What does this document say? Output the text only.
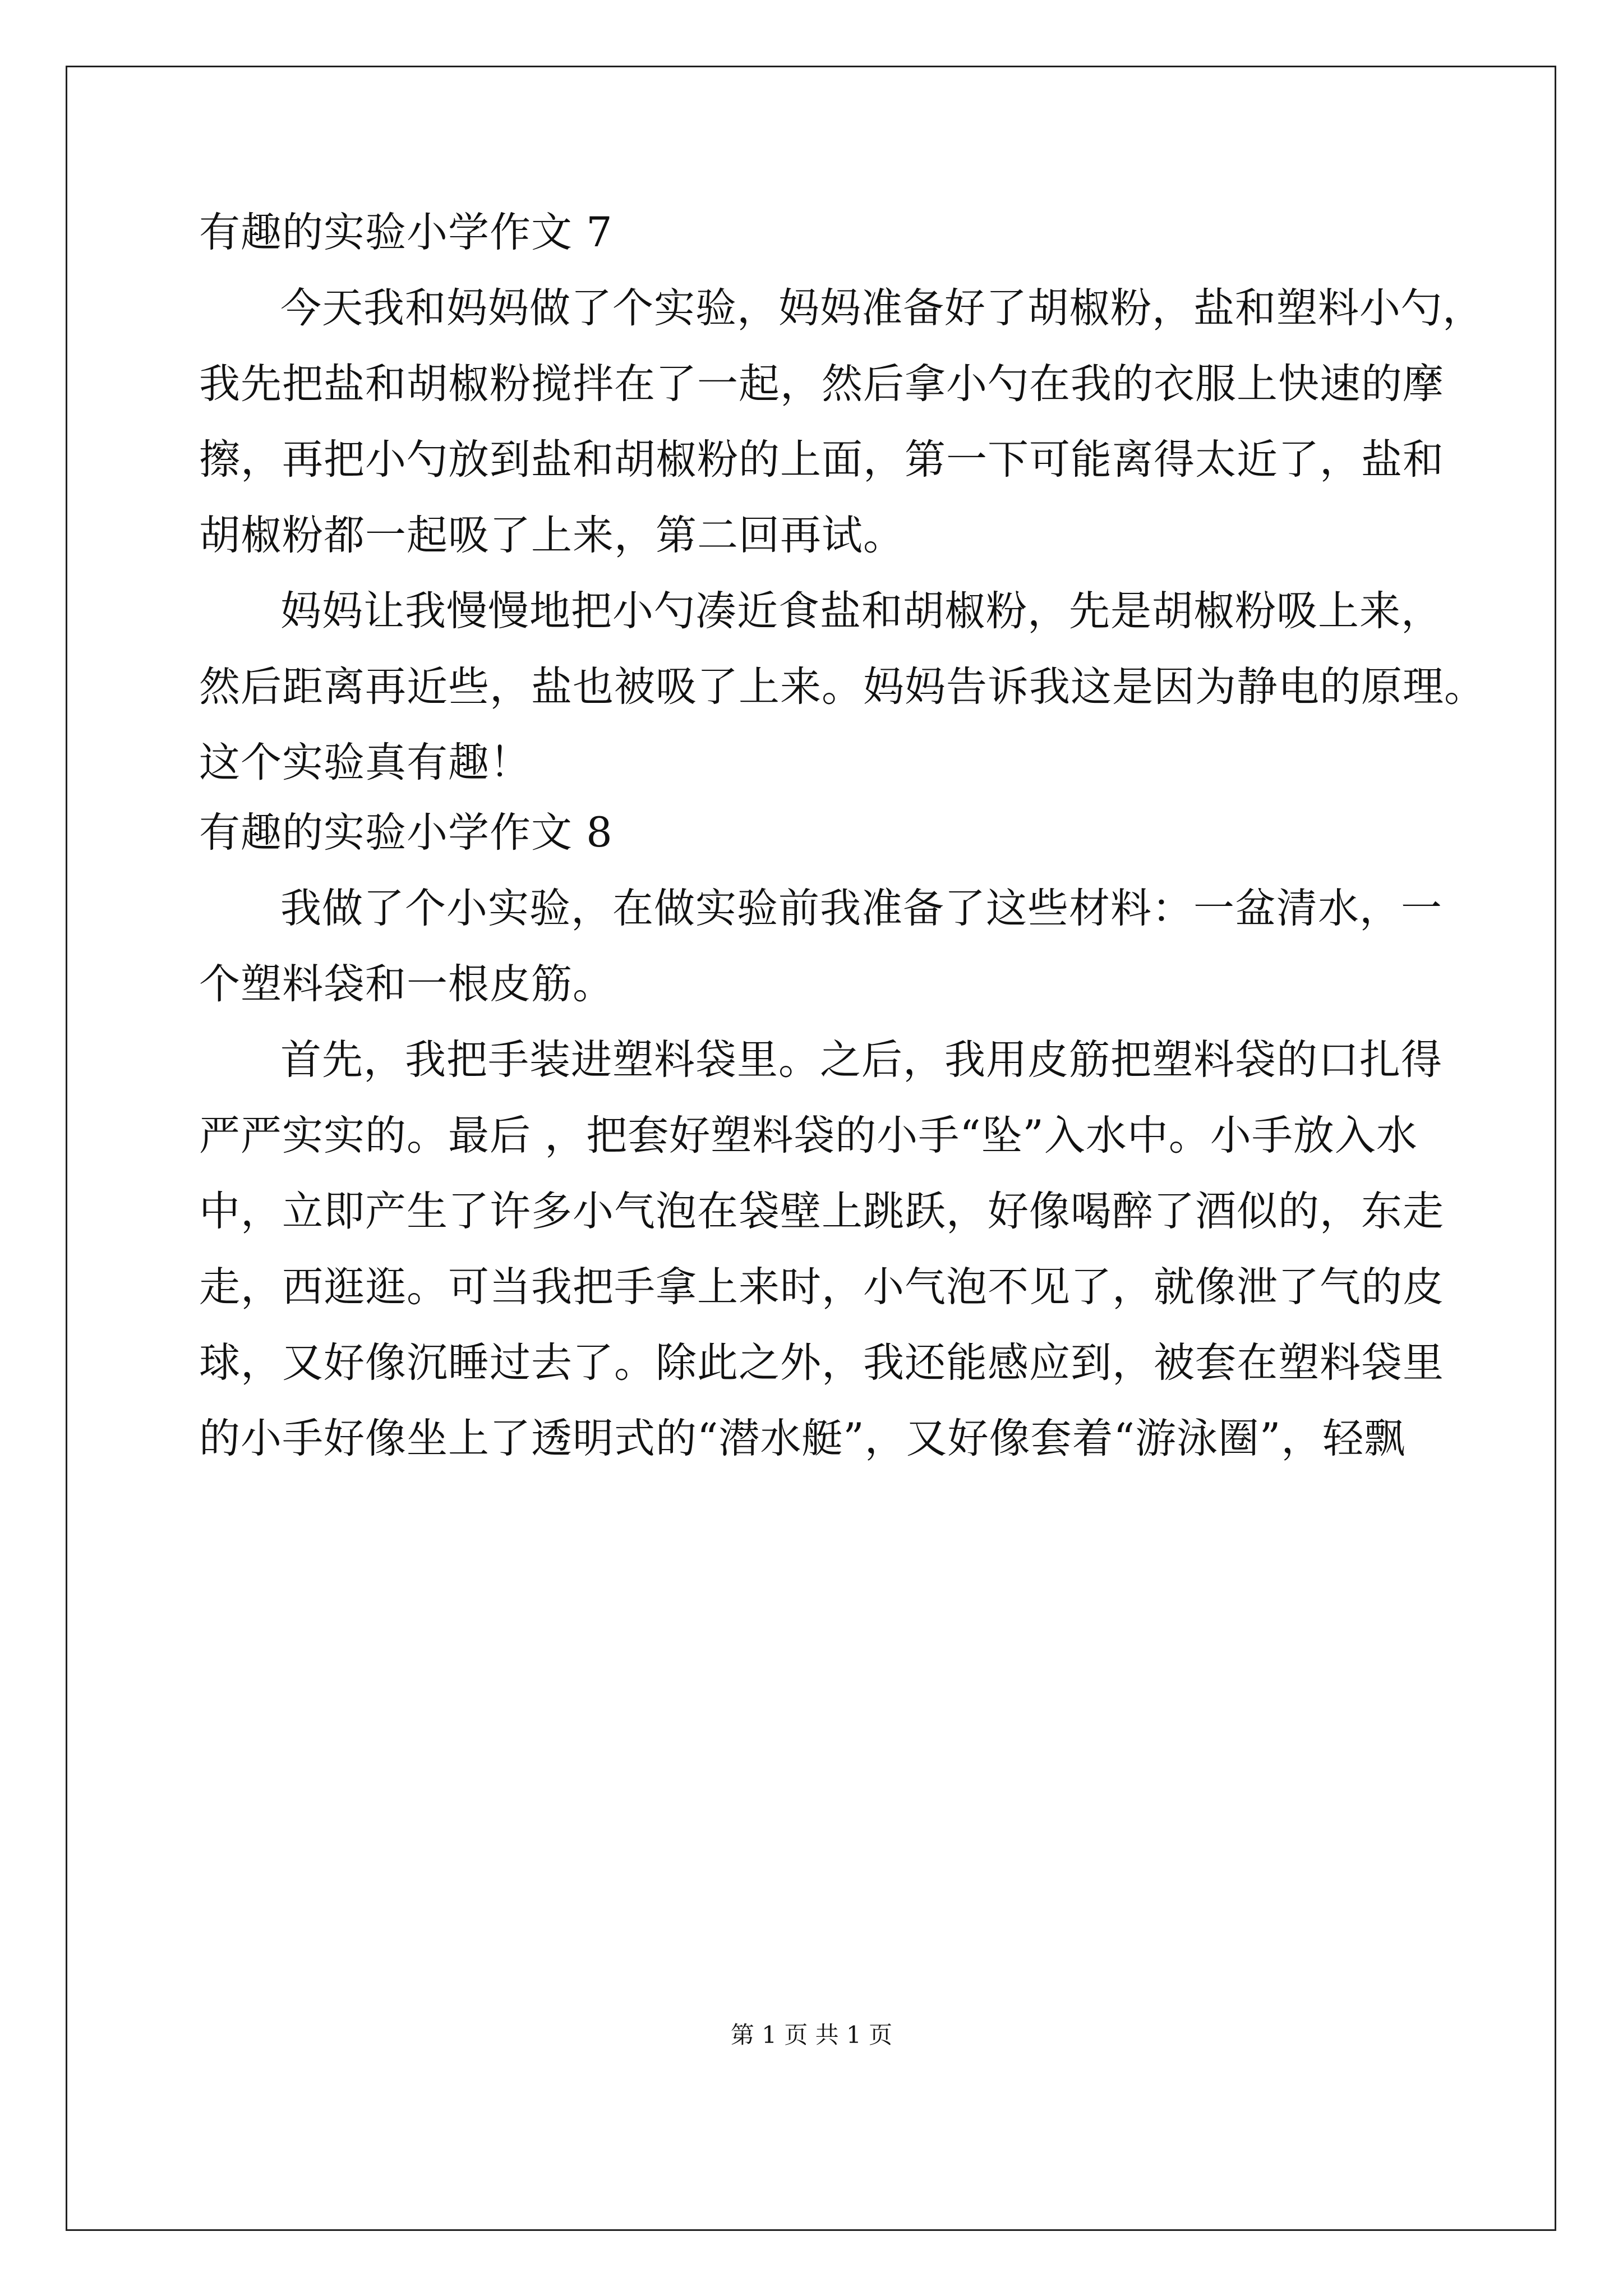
有趣的实验小学作文 7
今天我和妈妈做了个实验，妈妈准备好了胡椒粉，盐和塑料小勺，
我先把盐和胡椒粉搅拌在了一起，然后拿小勺在我的衣服上快速的摩
擦，再把小勺放到盐和胡椒粉的上面，第一下可能离得太近了，盐和
胡椒粉都一起吸了上来，第二回再试。
妈妈让我慢慢地把小勺凑近食盐和胡椒粉，先是胡椒粉吸上来，
然后距离再近些，盐也被吸了上来。妈妈告诉我这是因为静电的原理。
这个实验真有趣！
有趣的实验小学作文 8
我做了个小实验，在做实验前我准备了这些材料：一盆清水，一
个塑料袋和一根皮筋。
首先，我把手装进塑料袋里。之后，我用皮筋把塑料袋的口扎得
严严实实的。最后 ，把套好塑料袋的小手“坠”入水中。小手放入水
中，立即产生了许多小气泡在袋壁上跳跃，好像喝醉了酒似的，东走
走，西逛逛。可当我把手拿上来时，小气泡不见了，就像泄了气的皮
球，又好像沉睡过去了。除此之外，我还能感应到，被套在塑料袋里
的小手好像坐上了透明式的“潜水艇”，又好像套着“游泳圈”，轻飘
第 1 页 共 1 页
